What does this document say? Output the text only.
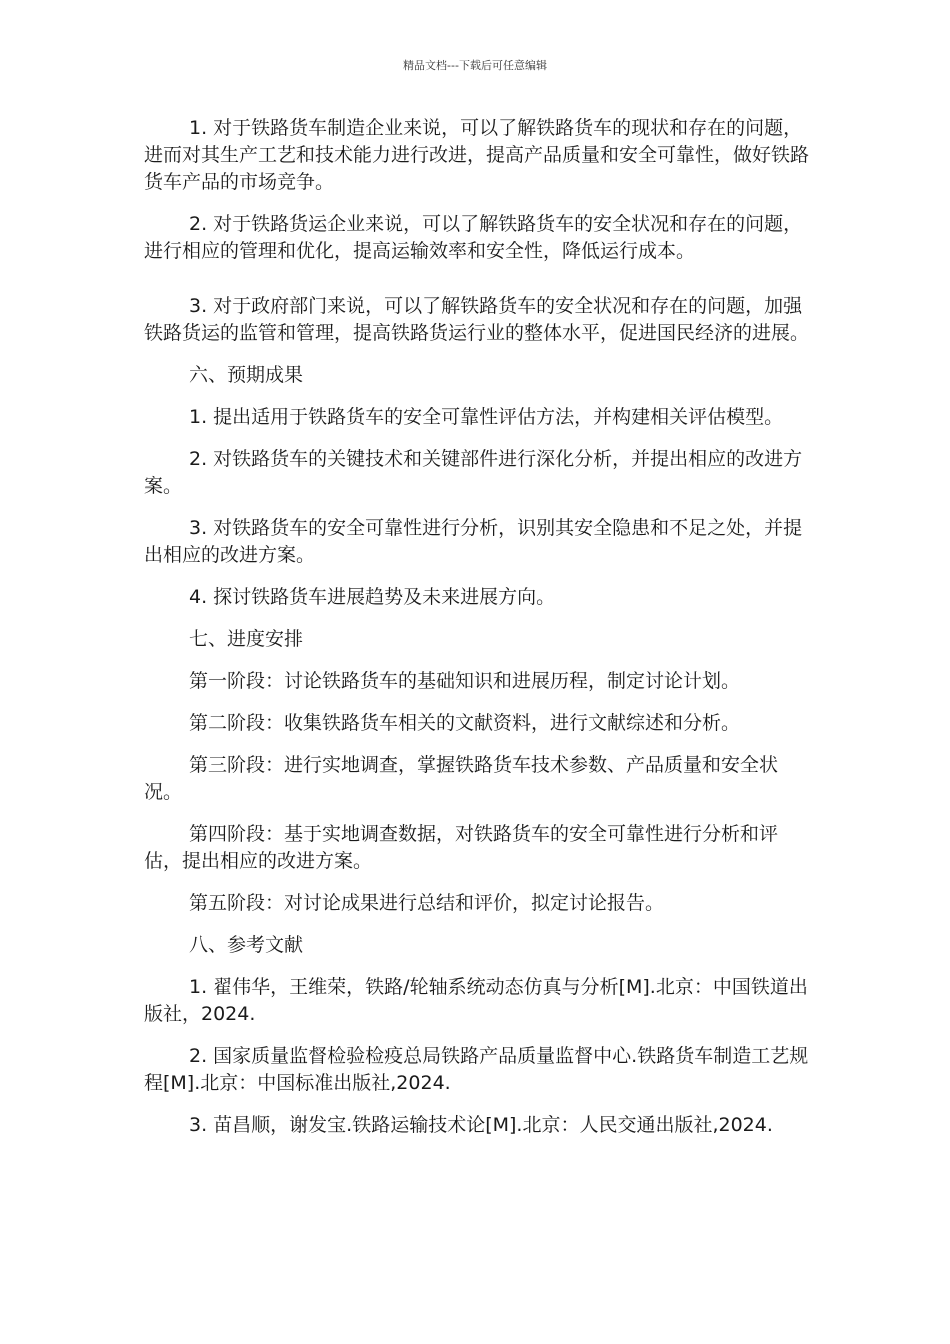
精品文档---下载后可任意编辑

1. 对于铁路货车制造企业来说，可以了解铁路货车的现状和存在的问题，进而对其生产工艺和技术能力进行改进，提高产品质量和安全可靠性，做好铁路货车产品的市场竞争。

2. 对于铁路货运企业来说，可以了解铁路货车的安全状况和存在的问题，进行相应的管理和优化，提高运输效率和安全性，降低运行成本。

3. 对于政府部门来说，可以了解铁路货车的安全状况和存在的问题，加强铁路货运的监管和管理，提高铁路货运行业的整体水平，促进国民经济的进展。

六、预期成果

1. 提出适用于铁路货车的安全可靠性评估方法，并构建相关评估模型。

2. 对铁路货车的关键技术和关键部件进行深化分析，并提出相应的改进方案。

3. 对铁路货车的安全可靠性进行分析，识别其安全隐患和不足之处，并提出相应的改进方案。

4. 探讨铁路货车进展趋势及未来进展方向。

七、进度安排

第一阶段：讨论铁路货车的基础知识和进展历程，制定讨论计划。

第二阶段：收集铁路货车相关的文献资料，进行文献综述和分析。

第三阶段：进行实地调查，掌握铁路货车技术参数、产品质量和安全状况。

第四阶段：基于实地调查数据，对铁路货车的安全可靠性进行分析和评估，提出相应的改进方案。

第五阶段：对讨论成果进行总结和评价，拟定讨论报告。

八、参考文献

1. 翟伟华，王维荣，铁路/轮轴系统动态仿真与分析[M].北京：中国铁道出版社，2024.

2. 国家质量监督检验检疫总局铁路产品质量监督中心.铁路货车制造工艺规程[M].北京：中国标准出版社,2024.

3. 苗昌顺，谢发宝.铁路运输技术论[M].北京：人民交通出版社,2024.
